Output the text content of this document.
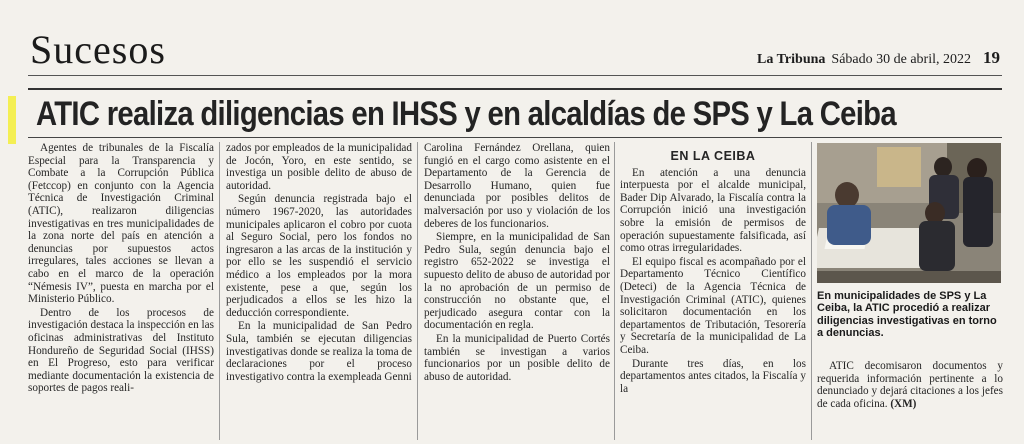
Sucesos	La Tribuna Sábado 30 de abril, 2022 19
ATIC realiza diligencias en IHSS y en alcaldías de SPS y La Ceiba

Agentes de tribunales de la Fiscalía Especial para la Transparencia y Combate a la Corrupción Pública (Fetccop) en conjunto con la Agencia Técnica de Investigación Criminal (ATIC), realizaron diligencias investigativas en tres municipalidades de la zona norte del país en atención a denuncias por supuestos actos irregulares, tales acciones se llevan a cabo en el marco de la operación “Némesis IV”, puesta en marcha por el Ministerio Público.

Dentro de los procesos de investigación destaca la inspección en las oficinas administrativas del Instituto Hondureño de Seguridad Social (IHSS) en El Progreso, esto para verificar mediante documentación la existencia de soportes de pagos reali-

zados por empleados de la municipalidad de Jocón, Yoro, en este sentido, se investiga un posible delito de abuso de autoridad.

Según denuncia registrada bajo el número 1967-2020, las autoridades municipales aplicaron el cobro por cuota al Seguro Social, pero los fondos no ingresaron a las arcas de la institución y por ello se les suspendió el servicio médico a los empleados por la mora existente, pese a que, según los perjudicados a ellos se les hizo la deducción correspondiente.

En la municipalidad de San Pedro Sula, también se ejecutan diligencias investigativas donde se realiza la toma de declaraciones por el proceso investigativo contra la exempleada Genni

Carolina Fernández Orellana, quien fungió en el cargo como asistente en el Departamento de la Gerencia de Desarrollo Humano, quien fue denunciada por posibles delitos de malversación por uso y violación de los deberes de los funcionarios.

Siempre, en la municipalidad de San Pedro Sula, según denuncia bajo el registro 652-2022 se investiga el supuesto delito de abuso de autoridad por la no aprobación de un permiso de construcción no obstante que, el perjudicado asegura contar con la documentación en regla.

En la municipalidad de Puerto Cortés también se investigan a varios funcionarios por un posible delito de abuso de autoridad.

EN LA CEIBA

En atención a una denuncia interpuesta por el alcalde municipal, Bader Dip Alvarado, la Fiscalía contra la Corrupción inició una investigación sobre la emisión de permisos de operación supuestamente falsificada, así como otras irregularidades.

El equipo fiscal es acompañado por el Departamento Técnico Científico (Deteci) de la Agencia Técnica de Investigación Criminal (ATIC), quienes solicitaron documentación en los departamentos de Tributación, Tesorería y Secretaría de la municipalidad de La Ceiba.

Durante tres días, en los departamentos antes citados, la Fiscalía y la

En municipalidades de SPS y La Ceiba, la ATIC procedió a realizar diligencias investigativas en torno a denuncias.

ATIC decomisaron documentos y requerida información pertinente a lo denunciado y dejará citaciones a los jefes de cada oficina. (XM)
